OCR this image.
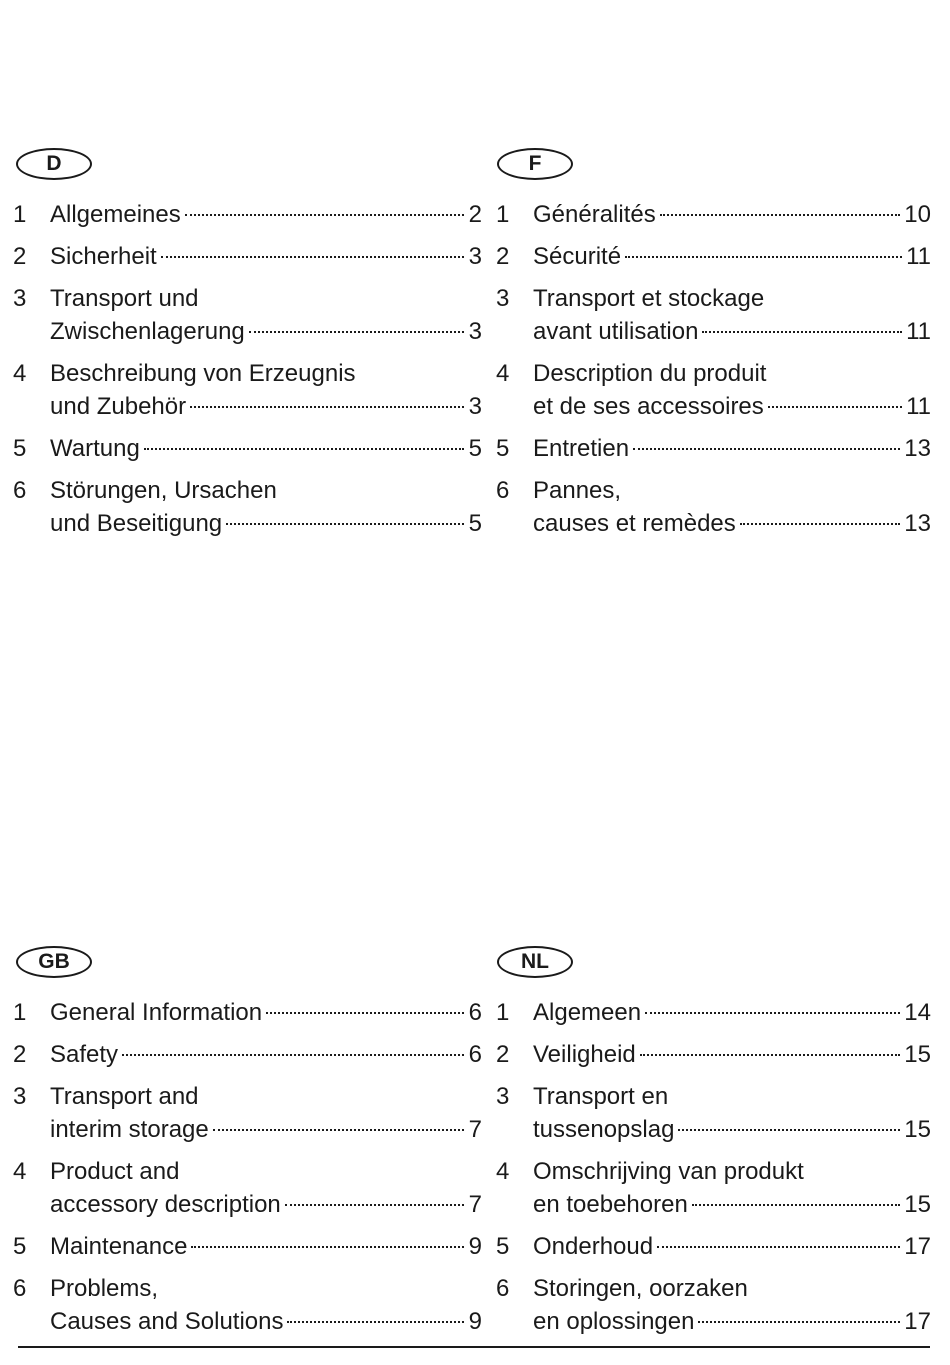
D
1 Allgemeines	2
2 Sicherheit	3
3 Transport und
Zwischenlagerung	3
4 Beschreibung von Erzeugnis
und Zubehör	3
5 Wartung	5
6 Störungen, Ursachen
und Beseitigung	5
F
1 Généralités	10
2 Sécurité	11
3 Transport et stockage
avant utilisation	11
4 Description du produit
et de ses accessoires	11
5 Entretien	13
6 Pannes,
causes et remèdes	13
GB
1 General Information	6
2 Safety	6
3 Transport and
interim storage	7
4 Product and
accessory description	7
5 Maintenance	9
6 Problems,
Causes and Solutions	9
NL
1 Algemeen	14
2 Veiligheid	15
3 Transport en
tussenopslag	15
4 Omschrijving van produkt
en toebehoren	15
5 Onderhoud	17
6 Storingen, oorzaken
en oplossingen	17
